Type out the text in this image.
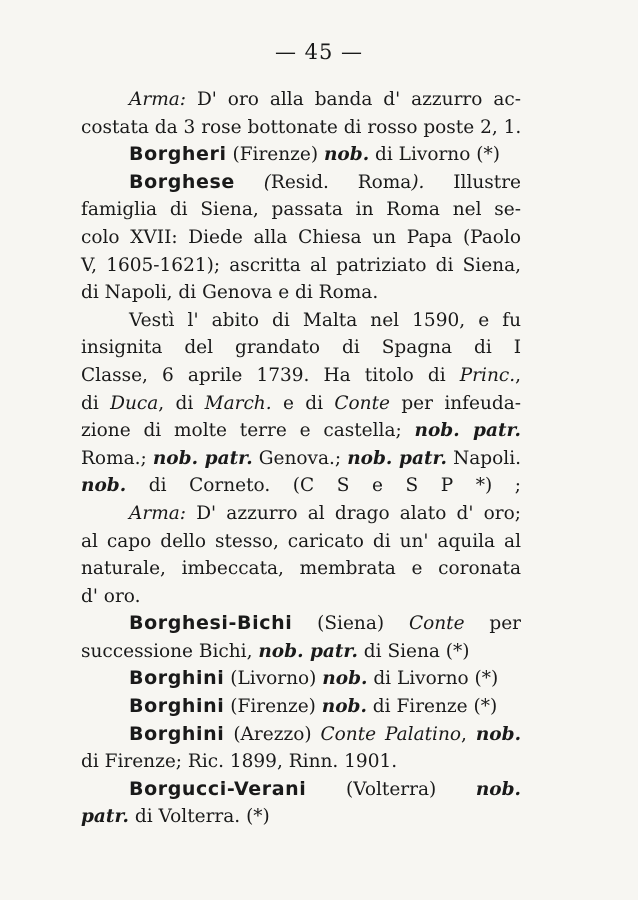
— 45 —
Arma: D' oro alla banda d' azzurro ac-
costata da 3 rose bottonate di rosso poste 2, 1.
Borgheri (Firenze) nob. di Livorno (*)
Borghese (Resid. Roma). Illustre
famiglia di Siena, passata in Roma nel se-
colo XVII: Diede alla Chiesa un Papa (Paolo
V, 1605-1621); ascritta al patriziato di Siena,
di Napoli, di Genova e di Roma.
Vestì l' abito di Malta nel 1590, e fu
insignita del grandato di Spagna di I
Classe, 6 aprile 1739. Ha titolo di Princ.,
di Duca, di March. e di Conte per infeuda-
zione di molte terre e castella; nob. patr.
Roma.; nob. patr. Genova.; nob. patr. Napoli.
nob. di Corneto. (C S e S P *) ;
Arma: D' azzurro al drago alato d' oro;
al capo dello stesso, caricato di un' aquila al
naturale, imbeccata, membrata e coronata
d' oro.
Borghesi-Bichi (Siena) Conte per
successione Bichi, nob. patr. di Siena (*)
Borghini (Livorno) nob. di Livorno (*)
Borghini (Firenze) nob. di Firenze (*)
Borghini (Arezzo) Conte Palatino, nob.
di Firenze; Ric. 1899, Rinn. 1901.
Borgucci-Verani (Volterra) nob.
patr. di Volterra. (*)
